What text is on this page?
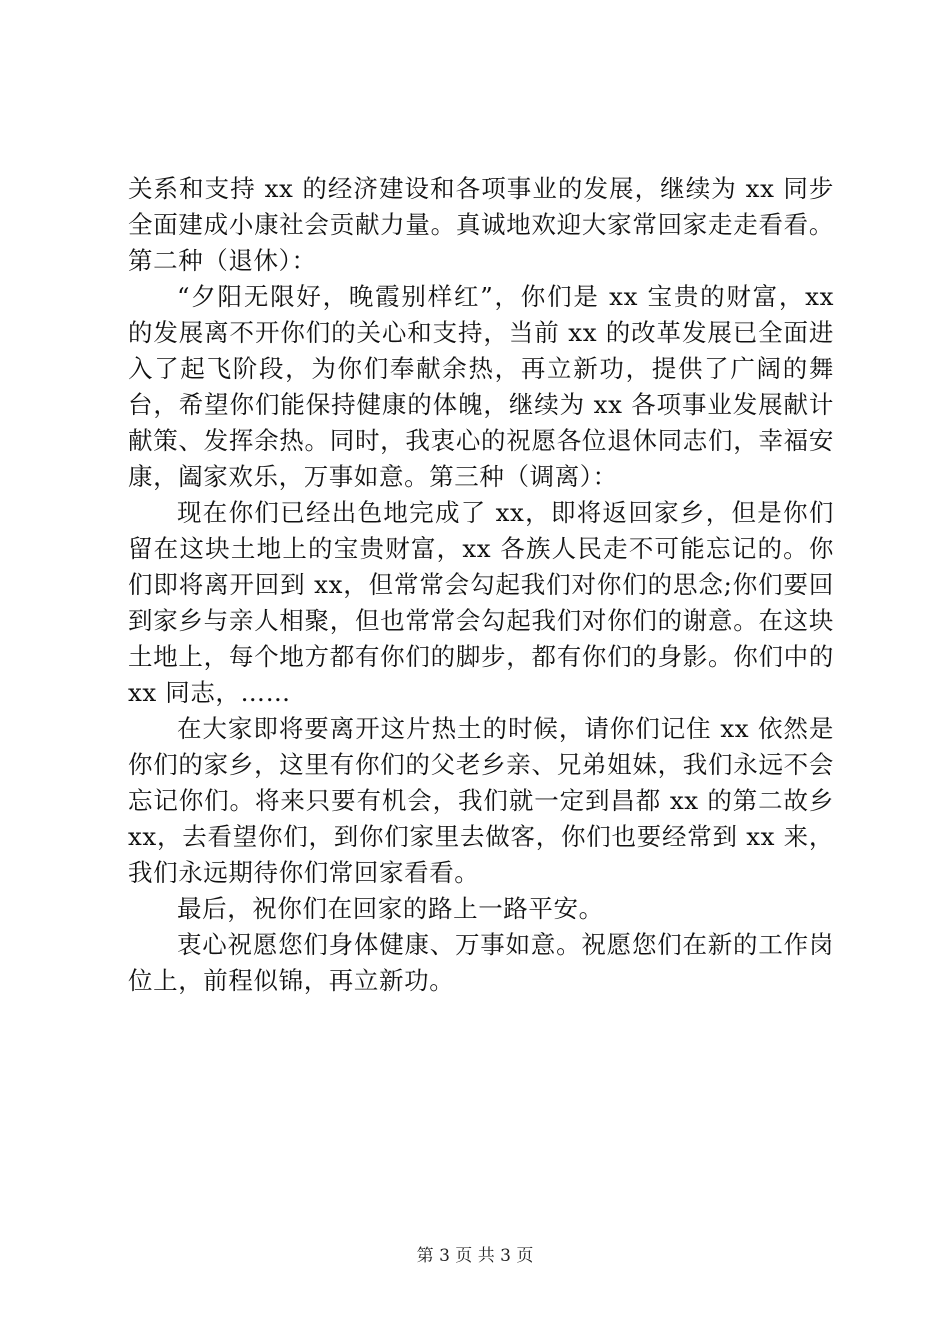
关系和支持 xx 的经济建设和各项事业的发展，继续为 xx 同步全面建成小康社会贡献力量。真诚地欢迎大家常回家走走看看。第二种（退休）：

“夕阳无限好，晚霞别样红”，你们是 xx 宝贵的财富，xx 的发展离不开你们的关心和支持，当前 xx 的改革发展已全面进入了起飞阶段，为你们奉献余热，再立新功，提供了广阔的舞台，希望你们能保持健康的体魄，继续为 xx 各项事业发展献计献策、发挥余热。同时，我衷心的祝愿各位退休同志们，幸福安康，阖家欢乐，万事如意。第三种（调离）：

现在你们已经出色地完成了 xx，即将返回家乡，但是你们留在这块土地上的宝贵财富，xx 各族人民走不可能忘记的。你们即将离开回到 xx，但常常会勾起我们对你们的思念;你们要回到家乡与亲人相聚，但也常常会勾起我们对你们的谢意。在这块土地上，每个地方都有你们的脚步，都有你们的身影。你们中的 xx 同志，……

在大家即将要离开这片热土的时候，请你们记住 xx 依然是你们的家乡，这里有你们的父老乡亲、兄弟姐妹，我们永远不会忘记你们。将来只要有机会，我们就一定到昌都 xx 的第二故乡 xx，去看望你们，到你们家里去做客，你们也要经常到 xx 来，我们永远期待你们常回家看看。

最后，祝你们在回家的路上一路平安。

衷心祝愿您们身体健康、万事如意。祝愿您们在新的工作岗位上，前程似锦，再立新功。

第 3 页 共 3 页
